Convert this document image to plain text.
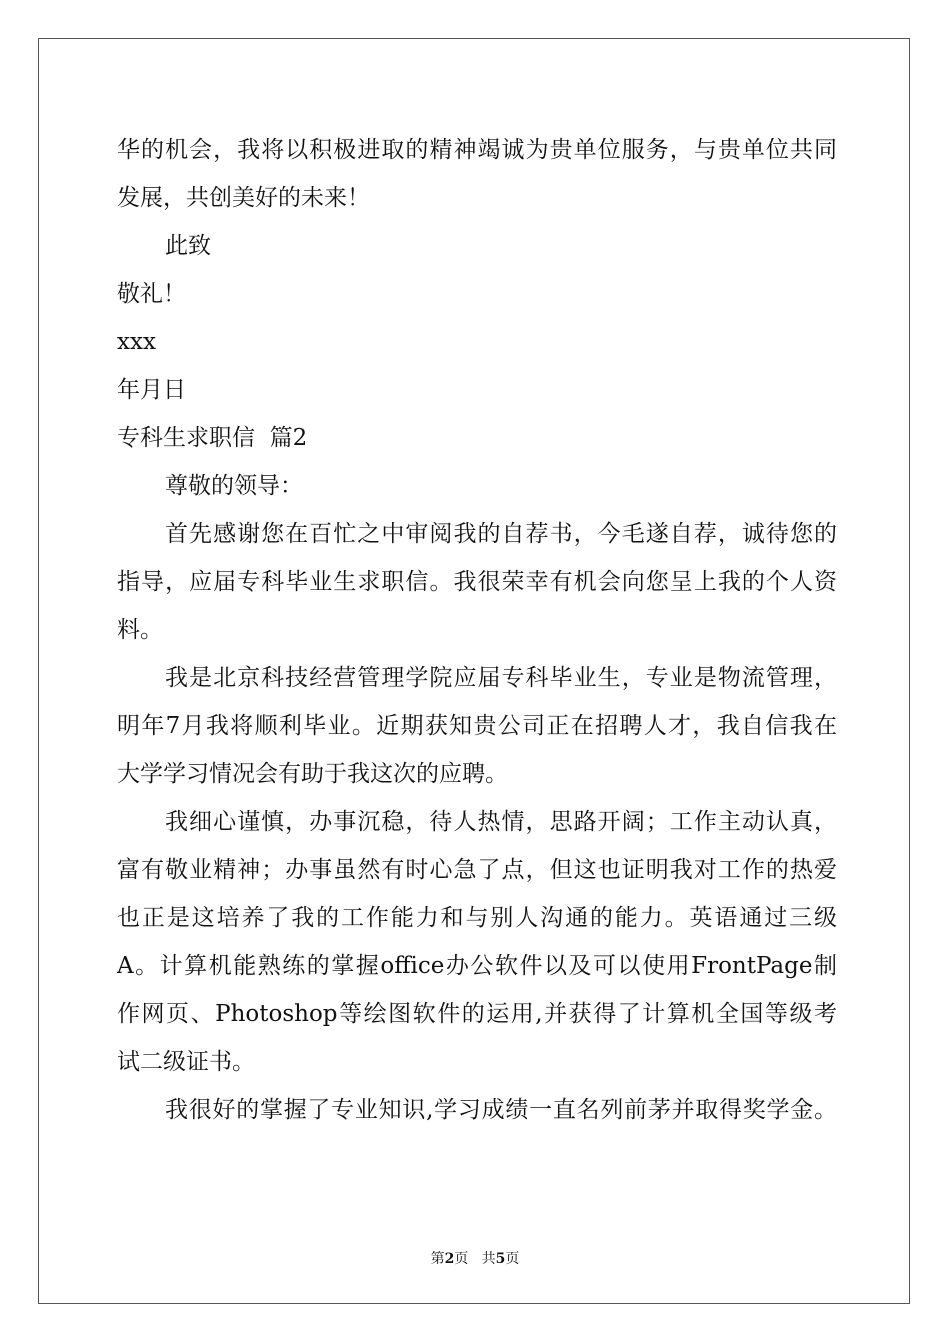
华的机会，我将以积极进取的精神竭诚为贵单位服务，与贵单位共同
发展，共创美好的未来！
此致
敬礼！
xxx
年月日
专科生求职信  篇2
尊敬的领导：
首先感谢您在百忙之中审阅我的自荐书，今毛遂自荐，诚待您的
指导，应届专科毕业生求职信。我很荣幸有机会向您呈上我的个人资
料。
我是北京科技经营管理学院应届专科毕业生，专业是物流管理，
明年7月我将顺利毕业。近期获知贵公司正在招聘人才，我自信我在
大学学习情况会有助于我这次的应聘。
我细心谨慎，办事沉稳，待人热情，思路开阔；工作主动认真，
富有敬业精神；办事虽然有时心急了点，但这也证明我对工作的热爱
也正是这培养了我的工作能力和与别人沟通的能力。英语通过三级
A。计算机能熟练的掌握office办公软件以及可以使用FrontPage制
作网页、Photoshop等绘图软件的运用,并获得了计算机全国等级考
试二级证书。
我很好的掌握了专业知识,学习成绩一直名列前茅并取得奖学金。
第2页   共5页
